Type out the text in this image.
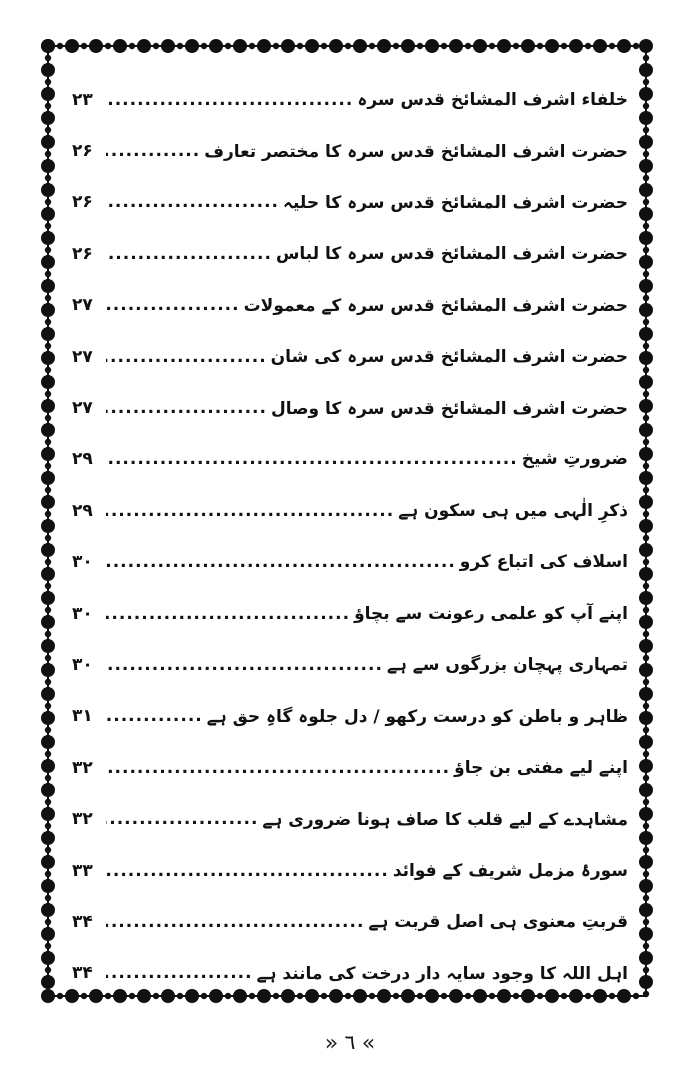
خلفاء اشرف المشائخ قدس سرہ
.....
۲۳
حضرت اشرف المشائخ قدس سرہ کا مختصر تعارف
.....
۲۶
حضرت اشرف المشائخ قدس سرہ کا حلیہ
.....
۲۶
حضرت اشرف المشائخ قدس سرہ کا لباس
.....
۲۶
حضرت اشرف المشائخ قدس سرہ کے معمولات
.....
۲۷
حضرت اشرف المشائخ قدس سرہ کی شان
.....
۲۷
حضرت اشرف المشائخ قدس سرہ کا وصال
.....
۲۷
ضرورتِ شیخ
.....
۲۹
ذکرِ الٰہی میں ہی سکون ہے
.....
۲۹
اسلاف کی اتباع کرو
.....
۳۰
اپنے آپ کو علمی رعونت سے بچاؤ
.....
۳۰
تمہاری پہچان بزرگوں سے ہے
.....
۳۰
ظاہر و باطن کو درست رکھو / دل جلوہ گاہِ حق ہے
.....
۳۱
اپنے لیے مفتی بن جاؤ
.....
۳۲
مشاہدے کے لیے قلب کا صاف ہونا ضروری ہے
.....
۳۲
سورۂ مزمل شریف کے فوائد
.....
۳۳
قربتِ معنوی ہی اصل قربت ہے
.....
۳۴
اہل اللہ کا وجود سایہ دار درخت کی مانند ہے
.....
۳۴
» ٦ «
